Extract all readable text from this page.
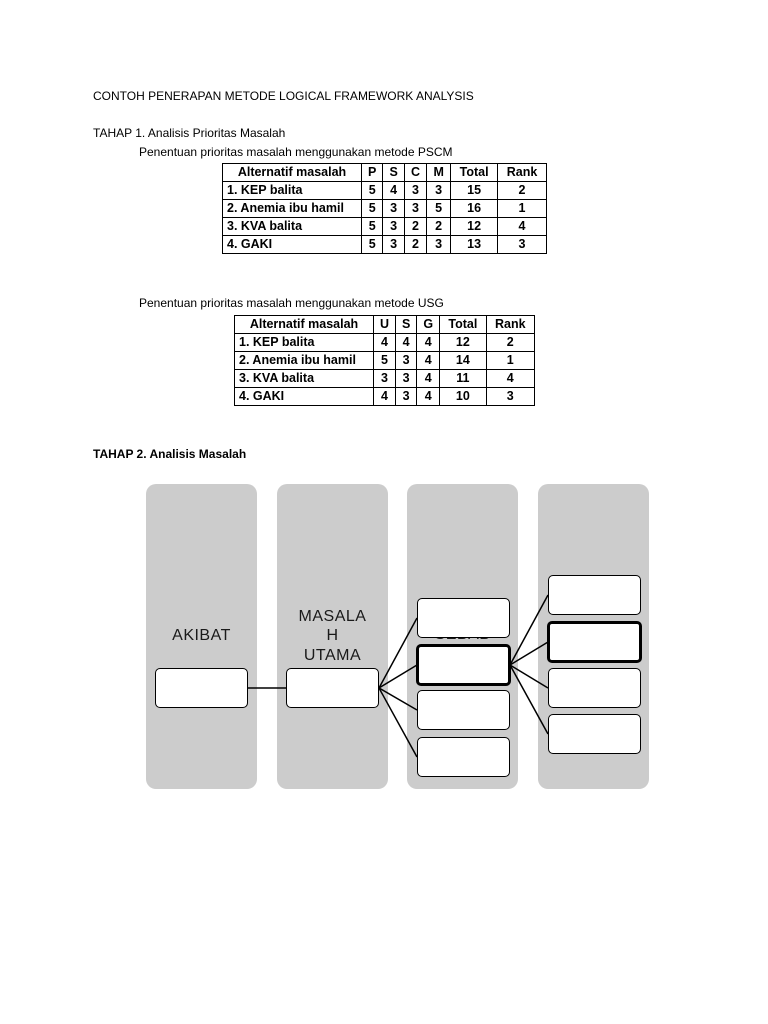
CONTOH PENERAPAN METODE LOGICAL FRAMEWORK ANALYSIS
TAHAP 1. Analisis Prioritas Masalah
Penentuan prioritas masalah menggunakan metode PSCM
Alternatif masalah	P	S	C	M	Total	Rank
1. KEP balita	5	4	3	3	15	2
2. Anemia ibu hamil	5	3	3	5	16	1
3. KVA balita	5	3	2	2	12	4
4. GAKI	5	3	2	3	13	3
Penentuan prioritas masalah menggunakan metode USG
Alternatif masalah	U	S	G	Total	Rank
1. KEP balita	4	4	4	12	2
2. Anemia ibu hamil	5	3	4	14	1
3. KVA balita	3	3	4	11	4
4. GAKI	4	3	4	10	3
TAHAP 2. Analisis Masalah
AKIBAT
MASALA
H
UTAMA
